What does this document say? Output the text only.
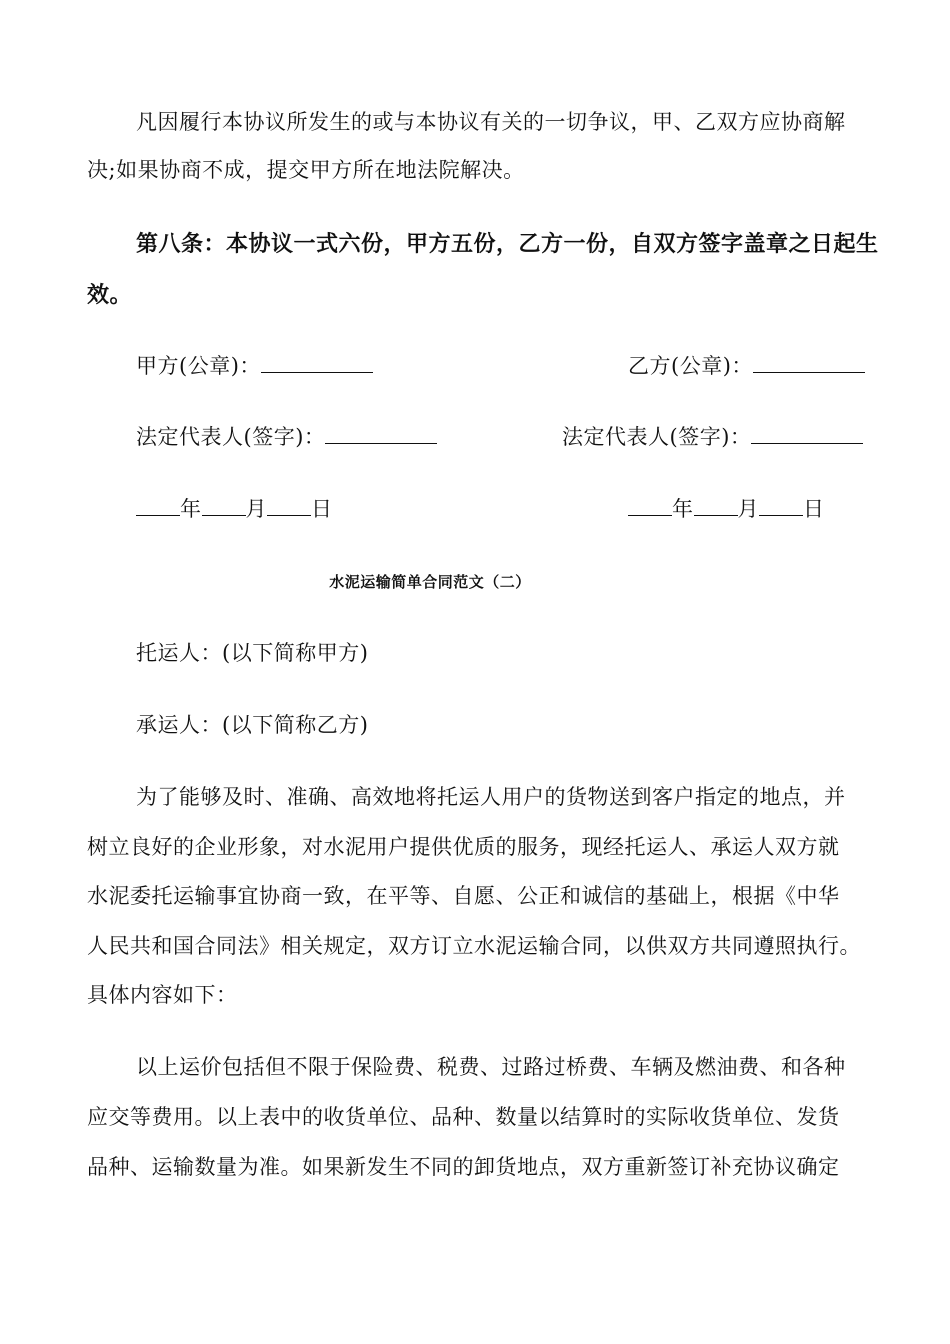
凡因履行本协议所发生的或与本协议有关的一切争议，甲、乙双方应协商解
决;如果协商不成，提交甲方所在地法院解决。
第八条：本协议一式六份，甲方五份，乙方一份，自双方签字盖章之日起生
效。
甲方(公章)：	乙方(公章)：
法定代表人(签字)：	法定代表人(签字)：
年 月 日	年 月 日
水泥运输简单合同范文（二）
托运人：(以下简称甲方)
承运人：(以下简称乙方)
为了能够及时、准确、高效地将托运人用户的货物送到客户指定的地点，并
树立良好的企业形象，对水泥用户提供优质的服务，现经托运人、承运人双方就
水泥委托运输事宜协商一致，在平等、自愿、公正和诚信的基础上，根据《中华
人民共和国合同法》相关规定，双方订立水泥运输合同，以供双方共同遵照执行。
具体内容如下：
以上运价包括但不限于保险费、税费、过路过桥费、车辆及燃油费、和各种
应交等费用。以上表中的收货单位、品种、数量以结算时的实际收货单位、发货
品种、运输数量为准。如果新发生不同的卸货地点，双方重新签订补充协议确定
